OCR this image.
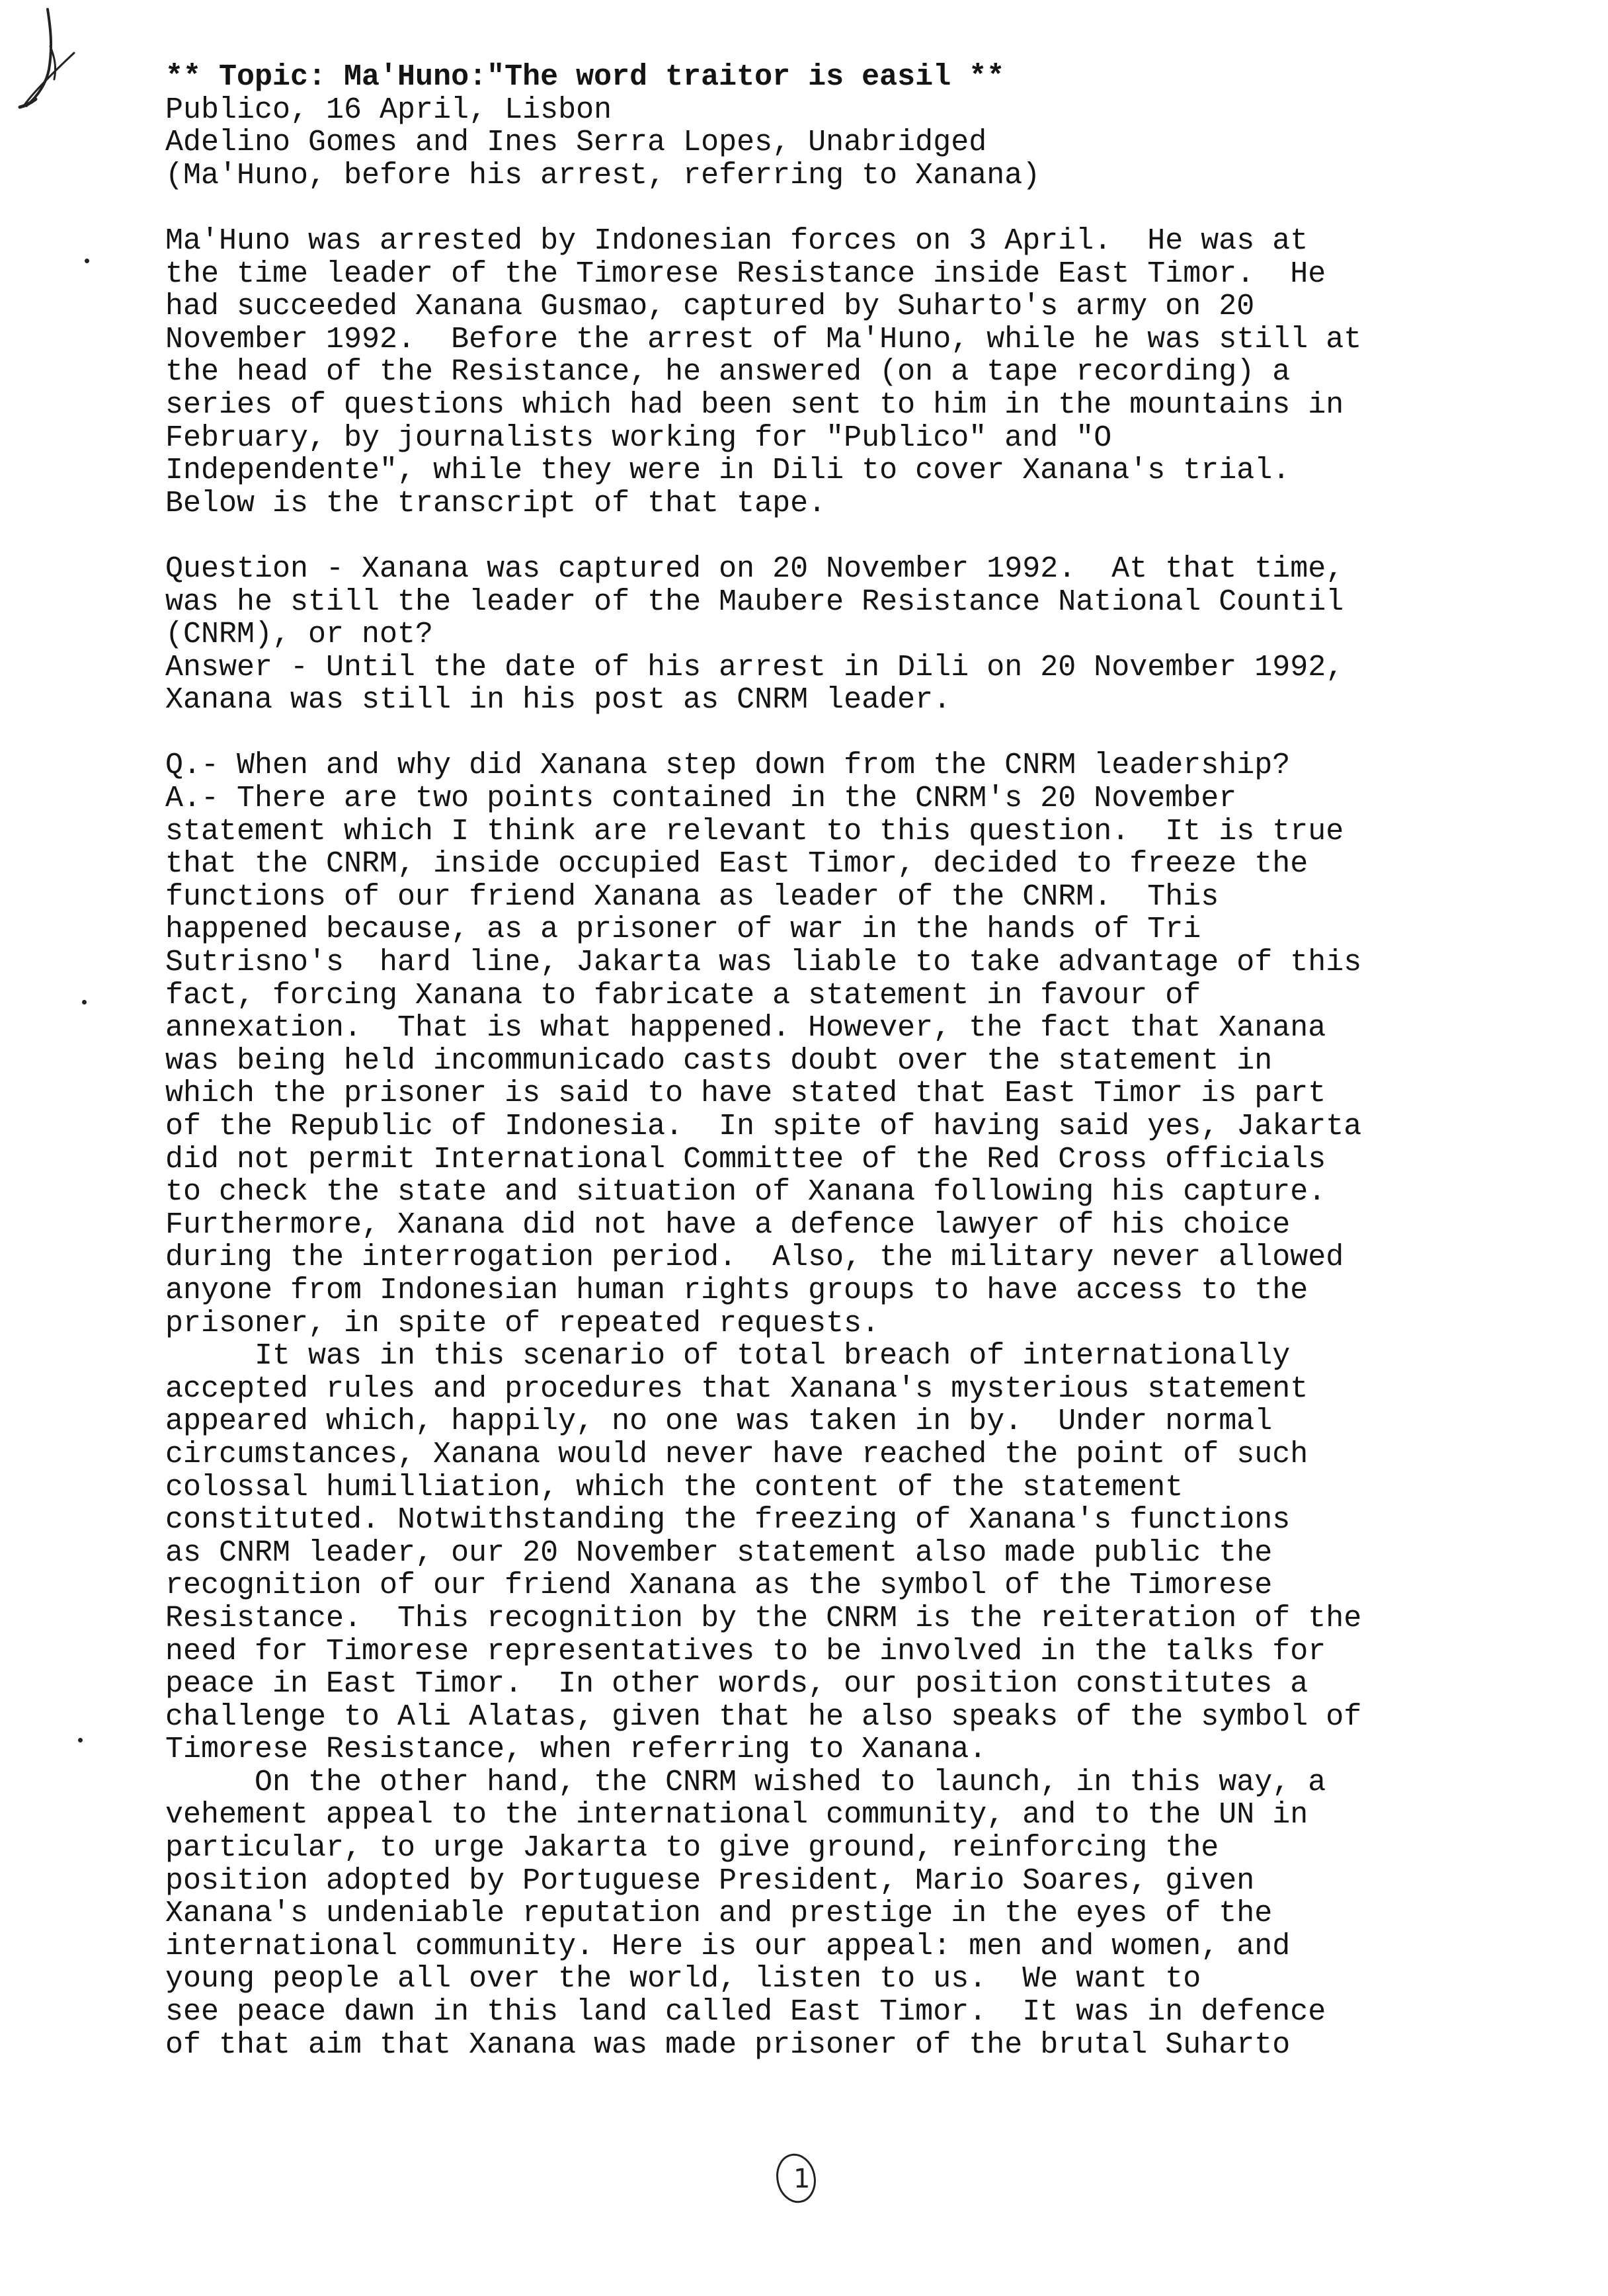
** Topic: Ma'Huno:"The word traitor is easil **
Publico, 16 April, Lisbon
Adelino Gomes and Ines Serra Lopes, Unabridged
(Ma'Huno, before his arrest, referring to Xanana)
Ma'Huno was arrested by Indonesian forces on 3 April.  He was at
the time leader of the Timorese Resistance inside East Timor.  He
had succeeded Xanana Gusmao, captured by Suharto's army on 20
November 1992.  Before the arrest of Ma'Huno, while he was still at
the head of the Resistance, he answered (on a tape recording) a
series of questions which had been sent to him in the mountains in
February, by journalists working for "Publico" and "O
Independente", while they were in Dili to cover Xanana's trial.
Below is the transcript of that tape.
Question - Xanana was captured on 20 November 1992.  At that time,
was he still the leader of the Maubere Resistance National Countil
(CNRM), or not?
Answer - Until the date of his arrest in Dili on 20 November 1992,
Xanana was still in his post as CNRM leader.
Q.- When and why did Xanana step down from the CNRM leadership?
A.- There are two points contained in the CNRM's 20 November
statement which I think are relevant to this question.  It is true
that the CNRM, inside occupied East Timor, decided to freeze the
functions of our friend Xanana as leader of the CNRM.  This
happened because, as a prisoner of war in the hands of Tri
Sutrisno's  hard line, Jakarta was liable to take advantage of this
fact, forcing Xanana to fabricate a statement in favour of
annexation.  That is what happened. However, the fact that Xanana
was being held incommunicado casts doubt over the statement in
which the prisoner is said to have stated that East Timor is part
of the Republic of Indonesia.  In spite of having said yes, Jakarta
did not permit International Committee of the Red Cross officials
to check the state and situation of Xanana following his capture.
Furthermore, Xanana did not have a defence lawyer of his choice
during the interrogation period.  Also, the military never allowed
anyone from Indonesian human rights groups to have access to the
prisoner, in spite of repeated requests.
It was in this scenario of total breach of internationally
accepted rules and procedures that Xanana's mysterious statement
appeared which, happily, no one was taken in by.  Under normal
circumstances, Xanana would never have reached the point of such
colossal humilliation, which the content of the statement
constituted. Notwithstanding the freezing of Xanana's functions
as CNRM leader, our 20 November statement also made public the
recognition of our friend Xanana as the symbol of the Timorese
Resistance.  This recognition by the CNRM is the reiteration of the
need for Timorese representatives to be involved in the talks for
peace in East Timor.  In other words, our position constitutes a
challenge to Ali Alatas, given that he also speaks of the symbol of
Timorese Resistance, when referring to Xanana.
On the other hand, the CNRM wished to launch, in this way, a
vehement appeal to the international community, and to the UN in
particular, to urge Jakarta to give ground, reinforcing the
position adopted by Portuguese President, Mario Soares, given
Xanana's undeniable reputation and prestige in the eyes of the
international community. Here is our appeal: men and women, and
young people all over the world, listen to us.  We want to
see peace dawn in this land called East Timor.  It was in defence
of that aim that Xanana was made prisoner of the brutal Suharto
1
